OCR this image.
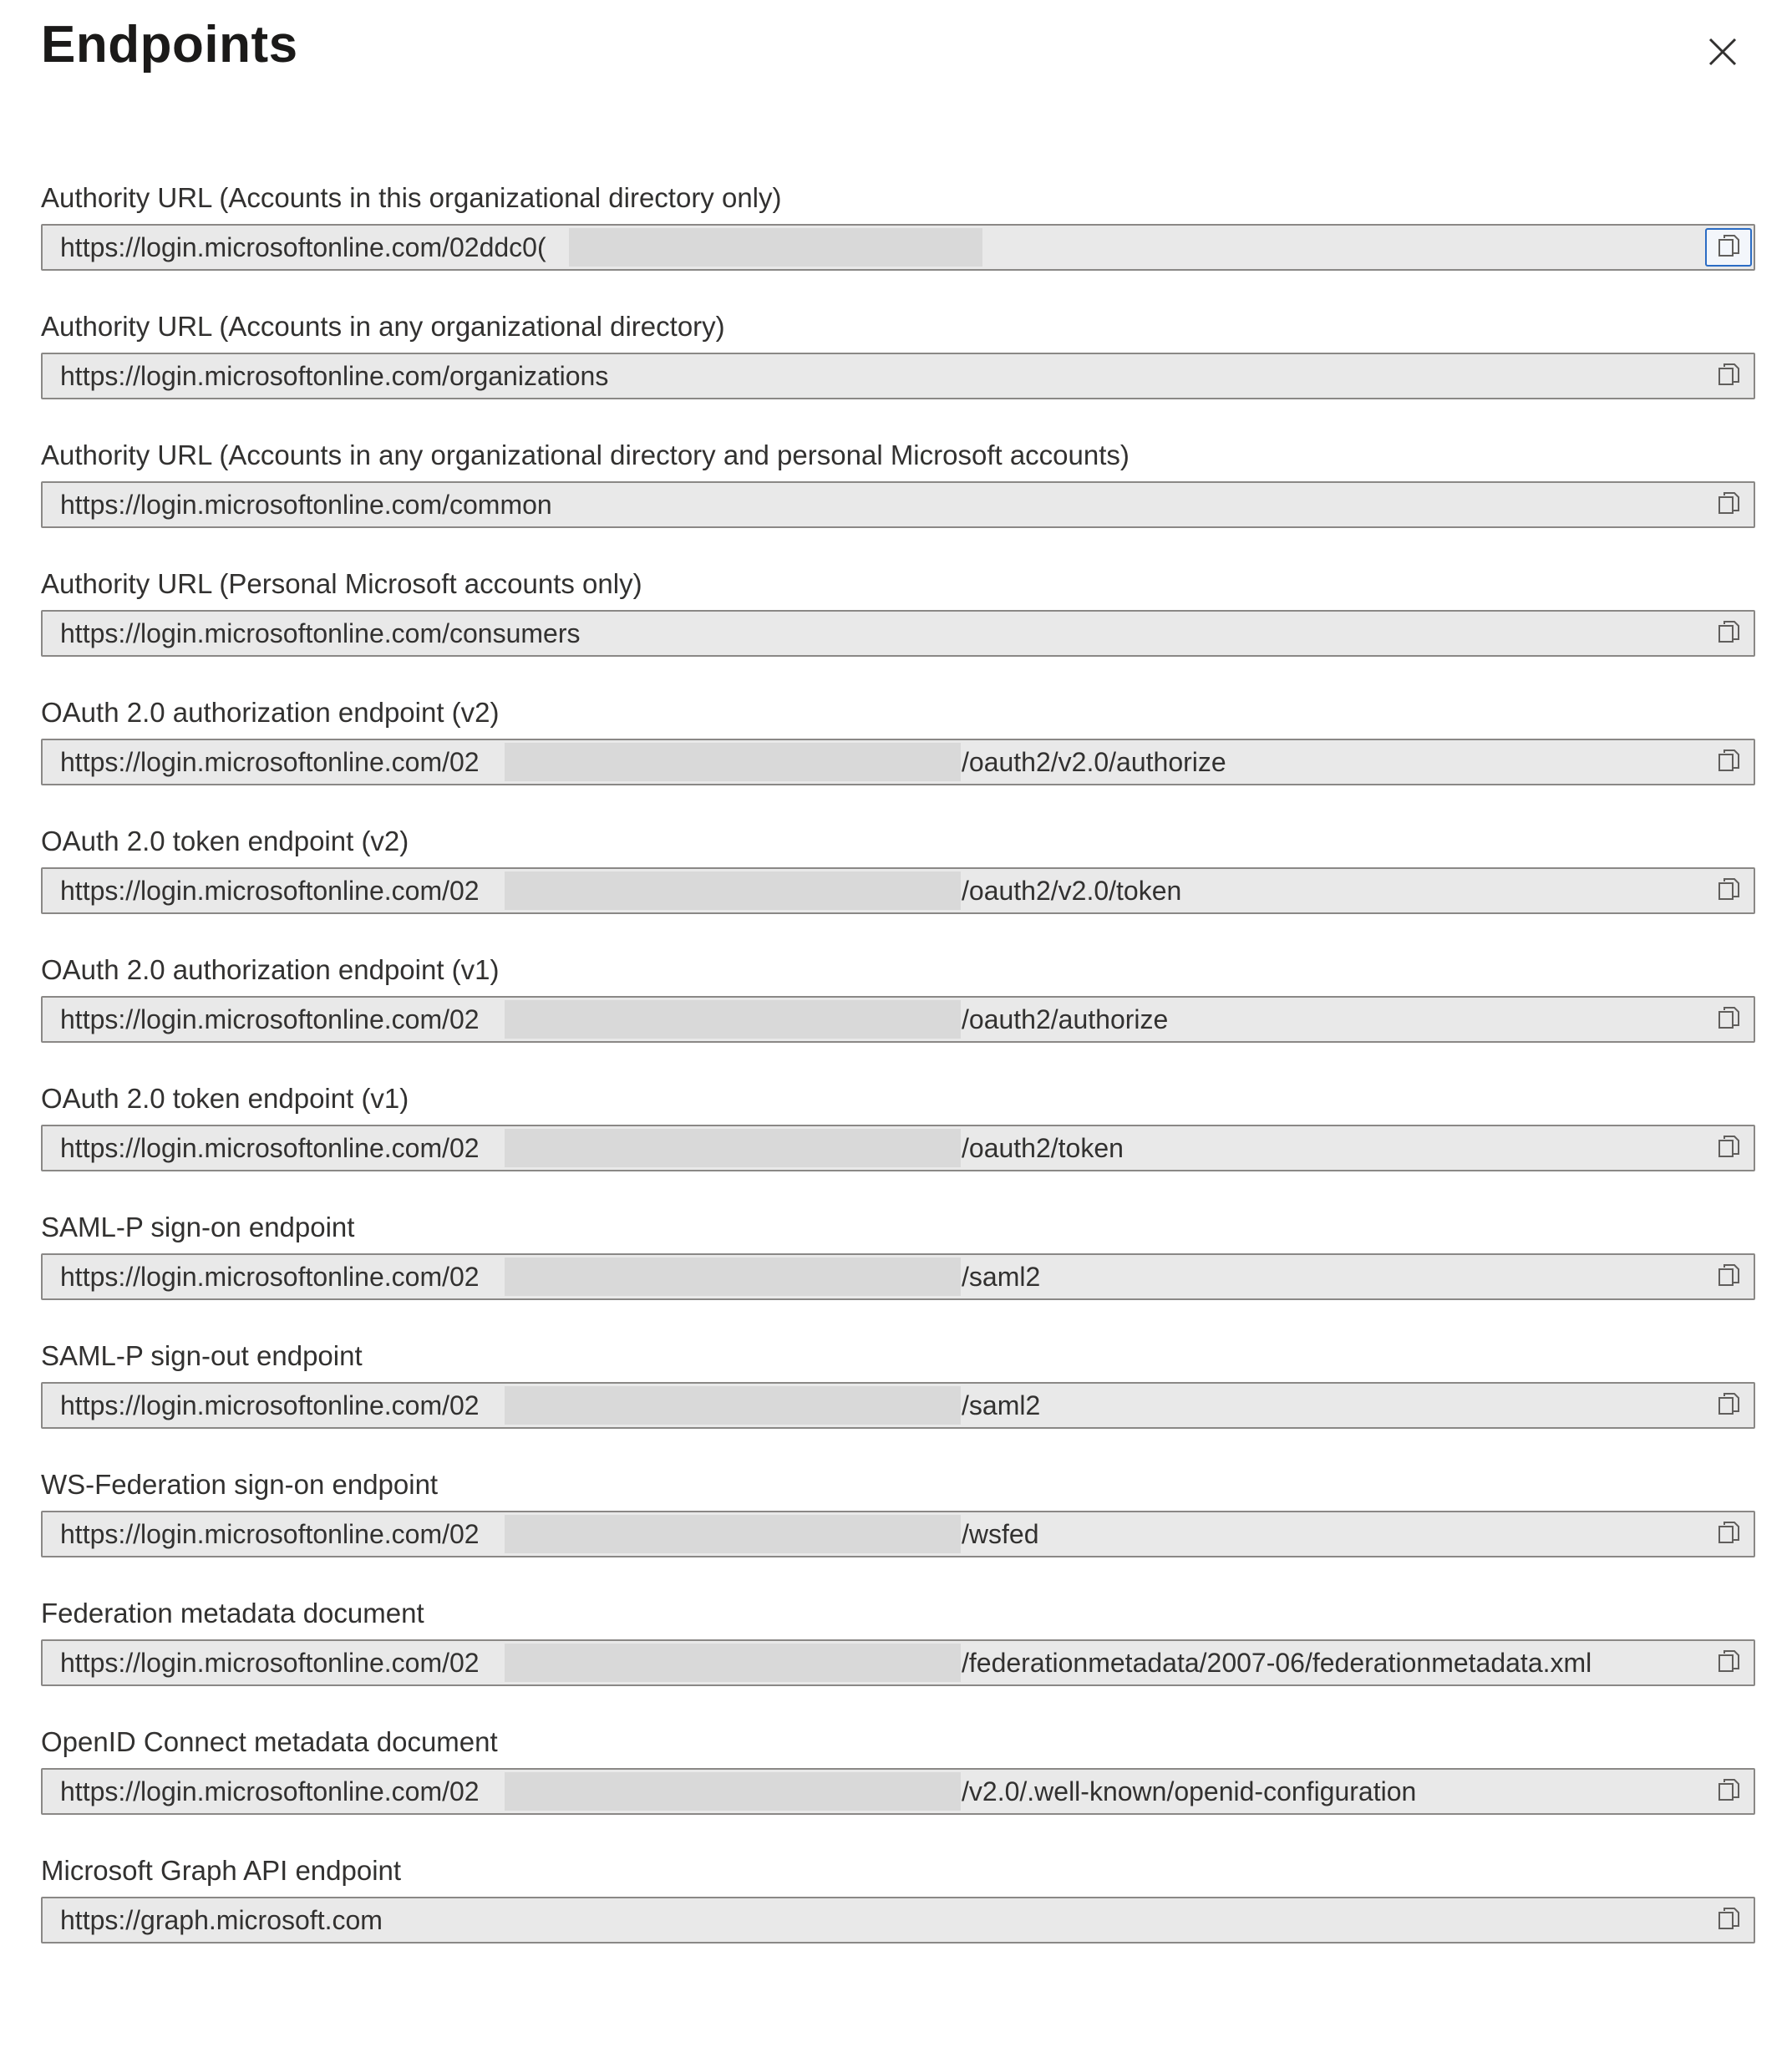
Endpoints
Authority URL (Accounts in this organizational directory only)
https://login.microsoftonline.com/02ddc0(
Authority URL (Accounts in any organizational directory)
https://login.microsoftonline.com/organizations
Authority URL (Accounts in any organizational directory and personal Microsoft accounts)
https://login.microsoftonline.com/common
Authority URL (Personal Microsoft accounts only)
https://login.microsoftonline.com/consumers
OAuth 2.0 authorization endpoint (v2)
https://login.microsoftonline.com/02	/oauth2/v2.0/authorize
OAuth 2.0 token endpoint (v2)
https://login.microsoftonline.com/02	/oauth2/v2.0/token
OAuth 2.0 authorization endpoint (v1)
https://login.microsoftonline.com/02	/oauth2/authorize
OAuth 2.0 token endpoint (v1)
https://login.microsoftonline.com/02	/oauth2/token
SAML-P sign-on endpoint
https://login.microsoftonline.com/02	/saml2
SAML-P sign-out endpoint
https://login.microsoftonline.com/02	/saml2
WS-Federation sign-on endpoint
https://login.microsoftonline.com/02	/wsfed
Federation metadata document
https://login.microsoftonline.com/02	/federationmetadata/2007-06/federationmetadata.xml
OpenID Connect metadata document
https://login.microsoftonline.com/02	/v2.0/.well-known/openid-configuration
Microsoft Graph API endpoint
https://graph.microsoft.com
